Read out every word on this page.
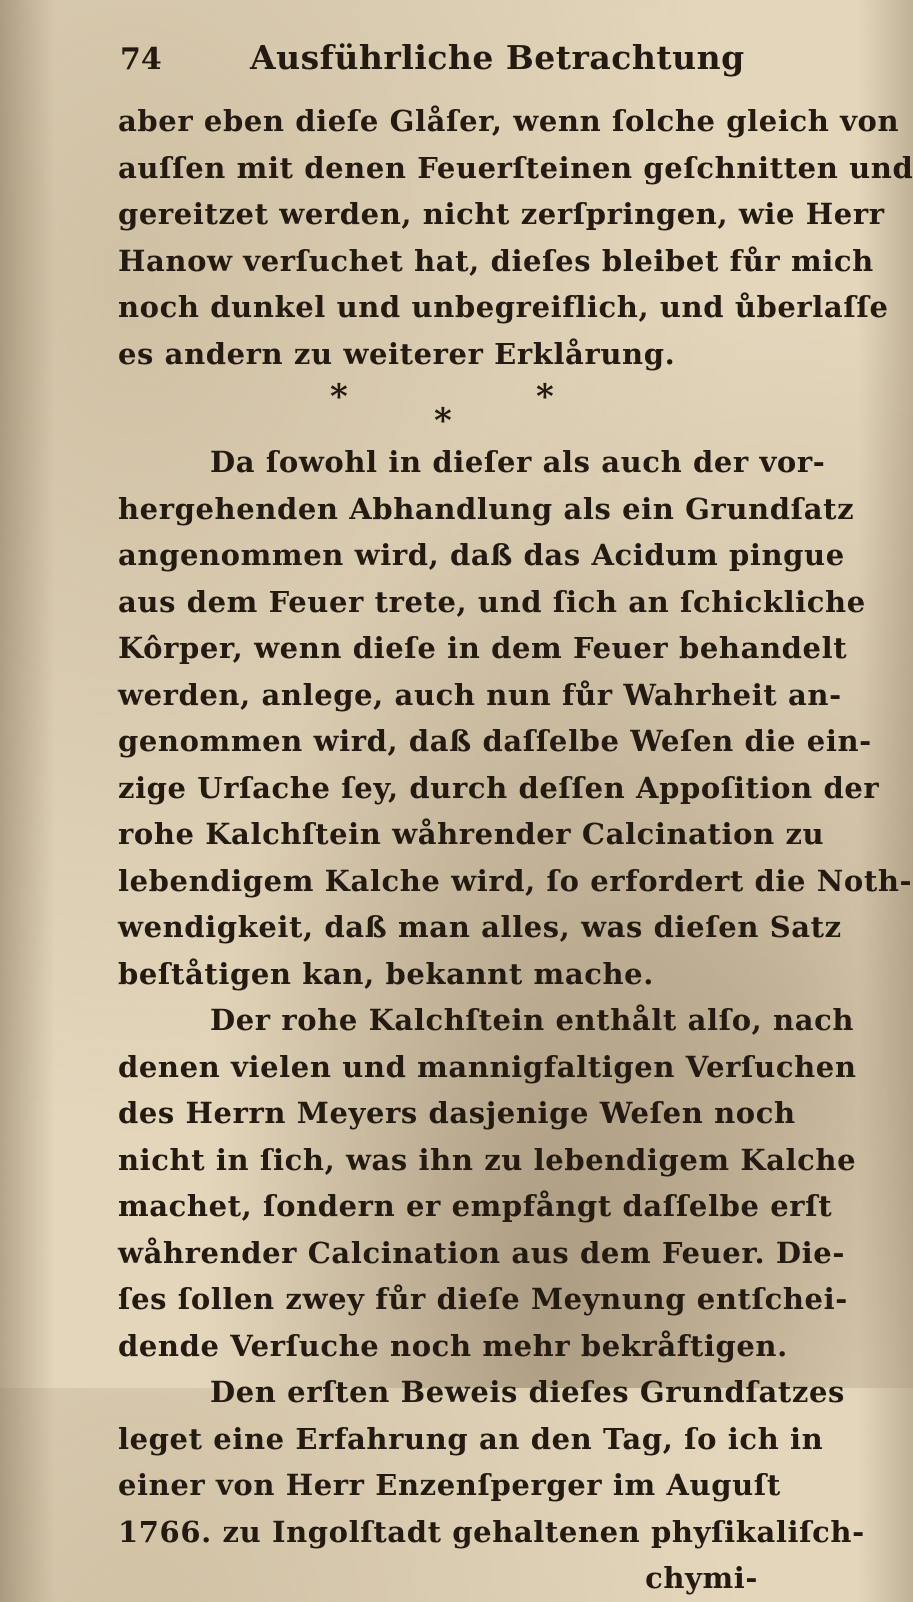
74	Ausführliche Betrachtung
aber eben dieſe Glåſer, wenn ſolche gleich von
auſſen mit denen Feuerſteinen geſchnitten und
gereitzet werden, nicht zerſpringen, wie Herr
Hanow verſuchet hat, dieſes bleibet fůr mich
noch dunkel und unbegreiflich, und ůberlaſſe
es andern zu weiterer Erklårung.
*	*
*
Da ſowohl in dieſer als auch der vor-
hergehenden Abhandlung als ein Grundſatz
angenommen wird, daß das Acidum pingue
aus dem Feuer trete, und ſich an ſchickliche
Kôrper, wenn dieſe in dem Feuer behandelt
werden, anlege, auch nun fůr Wahrheit an-
genommen wird, daß daſſelbe Weſen die ein-
zige Urſache ſey, durch deſſen Appoſition der
rohe Kalchſtein wåhrender Calcination zu
lebendigem Kalche wird, ſo erfordert die Noth-
wendigkeit, daß man alles, was dieſen Satz
beſtåtigen kan, bekannt mache.
Der rohe Kalchſtein enthålt alſo, nach
denen vielen und mannigfaltigen Verſuchen
des Herrn Meyers dasjenige Weſen noch
nicht in ſich, was ihn zu lebendigem Kalche
machet, ſondern er empfångt daſſelbe erſt
wåhrender Calcination aus dem Feuer. Die-
ſes ſollen zwey fůr dieſe Meynung entſchei-
dende Verſuche noch mehr bekråftigen.
Den erſten Beweis dieſes Grundſatzes
leget eine Erfahrung an den Tag, ſo ich in
einer von Herr Enzenſperger im Auguſt
1766. zu Ingolſtadt gehaltenen phyſikaliſch-
chymi-
